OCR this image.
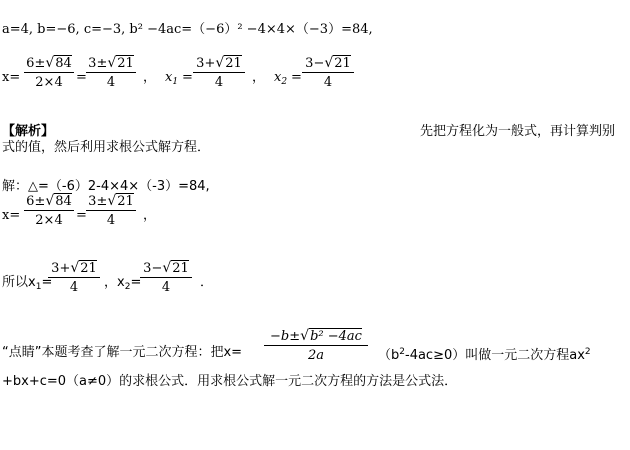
a=4, b=−6, c=−3, b² −4ac=（−6）² −4×4×（−3）=84,
x=
6±√84
2×4	=
3±√21
4	， $x_1$ =
3+√21
4	， $x_2$ =
3−√21
4
【解析】	先把方程化为一般式，再计算判别
式的值，然后利用求根公式解方程．
解：△=（-6）2-4×4×（-3）=84,
x=
6±√84
2×4	=
3±√21
4	，
所以$x_1=$
3+√21
4	，$x_2=$
3−√21
4	．
“点睛”本题考查了解一元二次方程：把x=
−b±√b² −4ac
2a	$(b^2-4ac\ge 0)$叫做一元二次方程$ax^2$
+bx+c=0（a≠0）的求根公式．用求根公式解一元二次方程的方法是公式法．
